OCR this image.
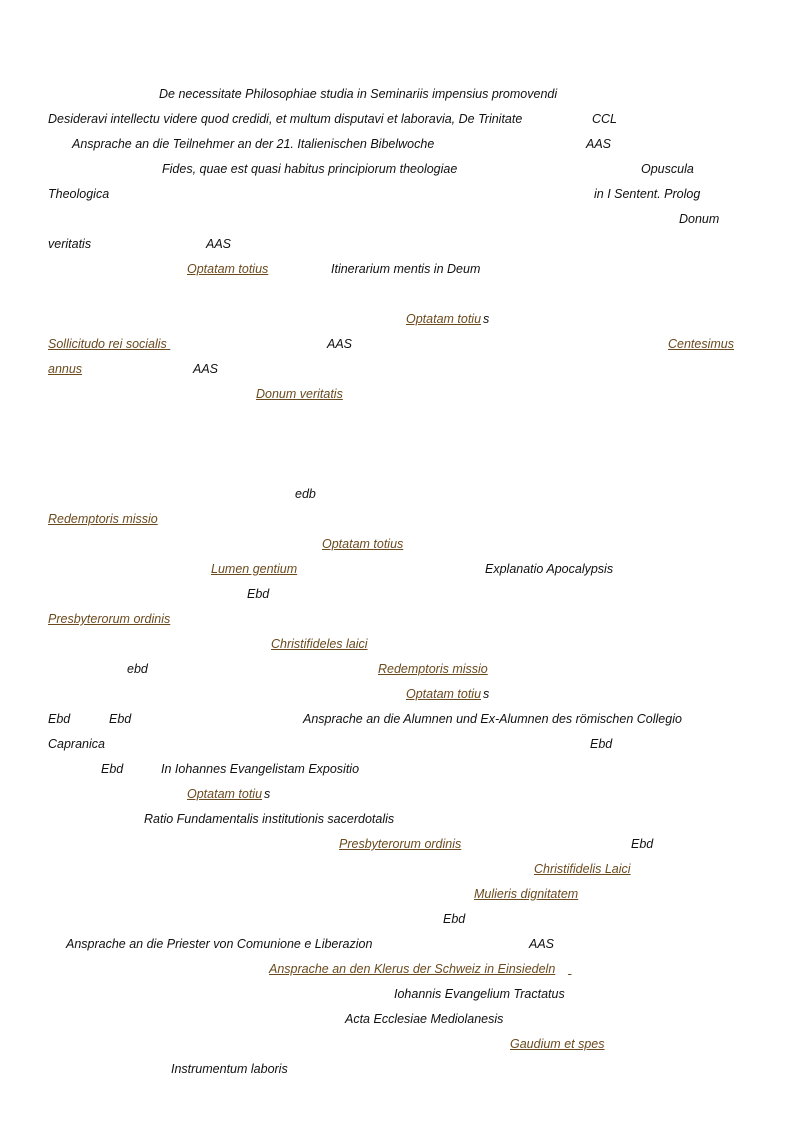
De necessitate Philosophiae studia in Seminariis impensius promovendi
Desideravi intellectu videre quod credidi, et multum disputavi et laboravia, De Trinitate	CCL
Ansprache an die Teilnehmer an der 21. Italienischen Bibelwoche	AAS
Fides, quae est quasi habitus principiorum theologiae	Opuscula
Theologica	in I Sentent. Prolog
Donum
veritatis	AAS
Optatam totius	Itinerarium mentis in Deum
Optatam totiu s
Sollicitudo rei socialis	AAS	Centesimus
annus	AAS
Donum veritatis
edb
Redemptoris missio
Optatam totius
Lumen gentium	Explanatio Apocalypsis
Ebd
Presbyterorum ordinis
Christifideles laici
ebd	Redemptoris missio
Optatam totiu s
Ebd	Ebd	Ansprache an die Alumnen und Ex-Alumnen des römischen Collegio
Capranica	Ebd
Ebd	In Iohannes Evangelistam Expositio
Optatam totiu s
Ratio Fundamentalis institutionis sacerdotalis
Presbyterorum ordinis	Ebd
Christifidelis Laici
Mulieris dignitatem
Ebd
Ansprache an die Priester von Comunione e Liberazion	AAS
Ansprache an den Klerus der Schweiz in Einsiedeln

Iohannis Evangelium Tractatus
Acta Ecclesiae Mediolanesis
Gaudium et spes
Instrumentum laboris
